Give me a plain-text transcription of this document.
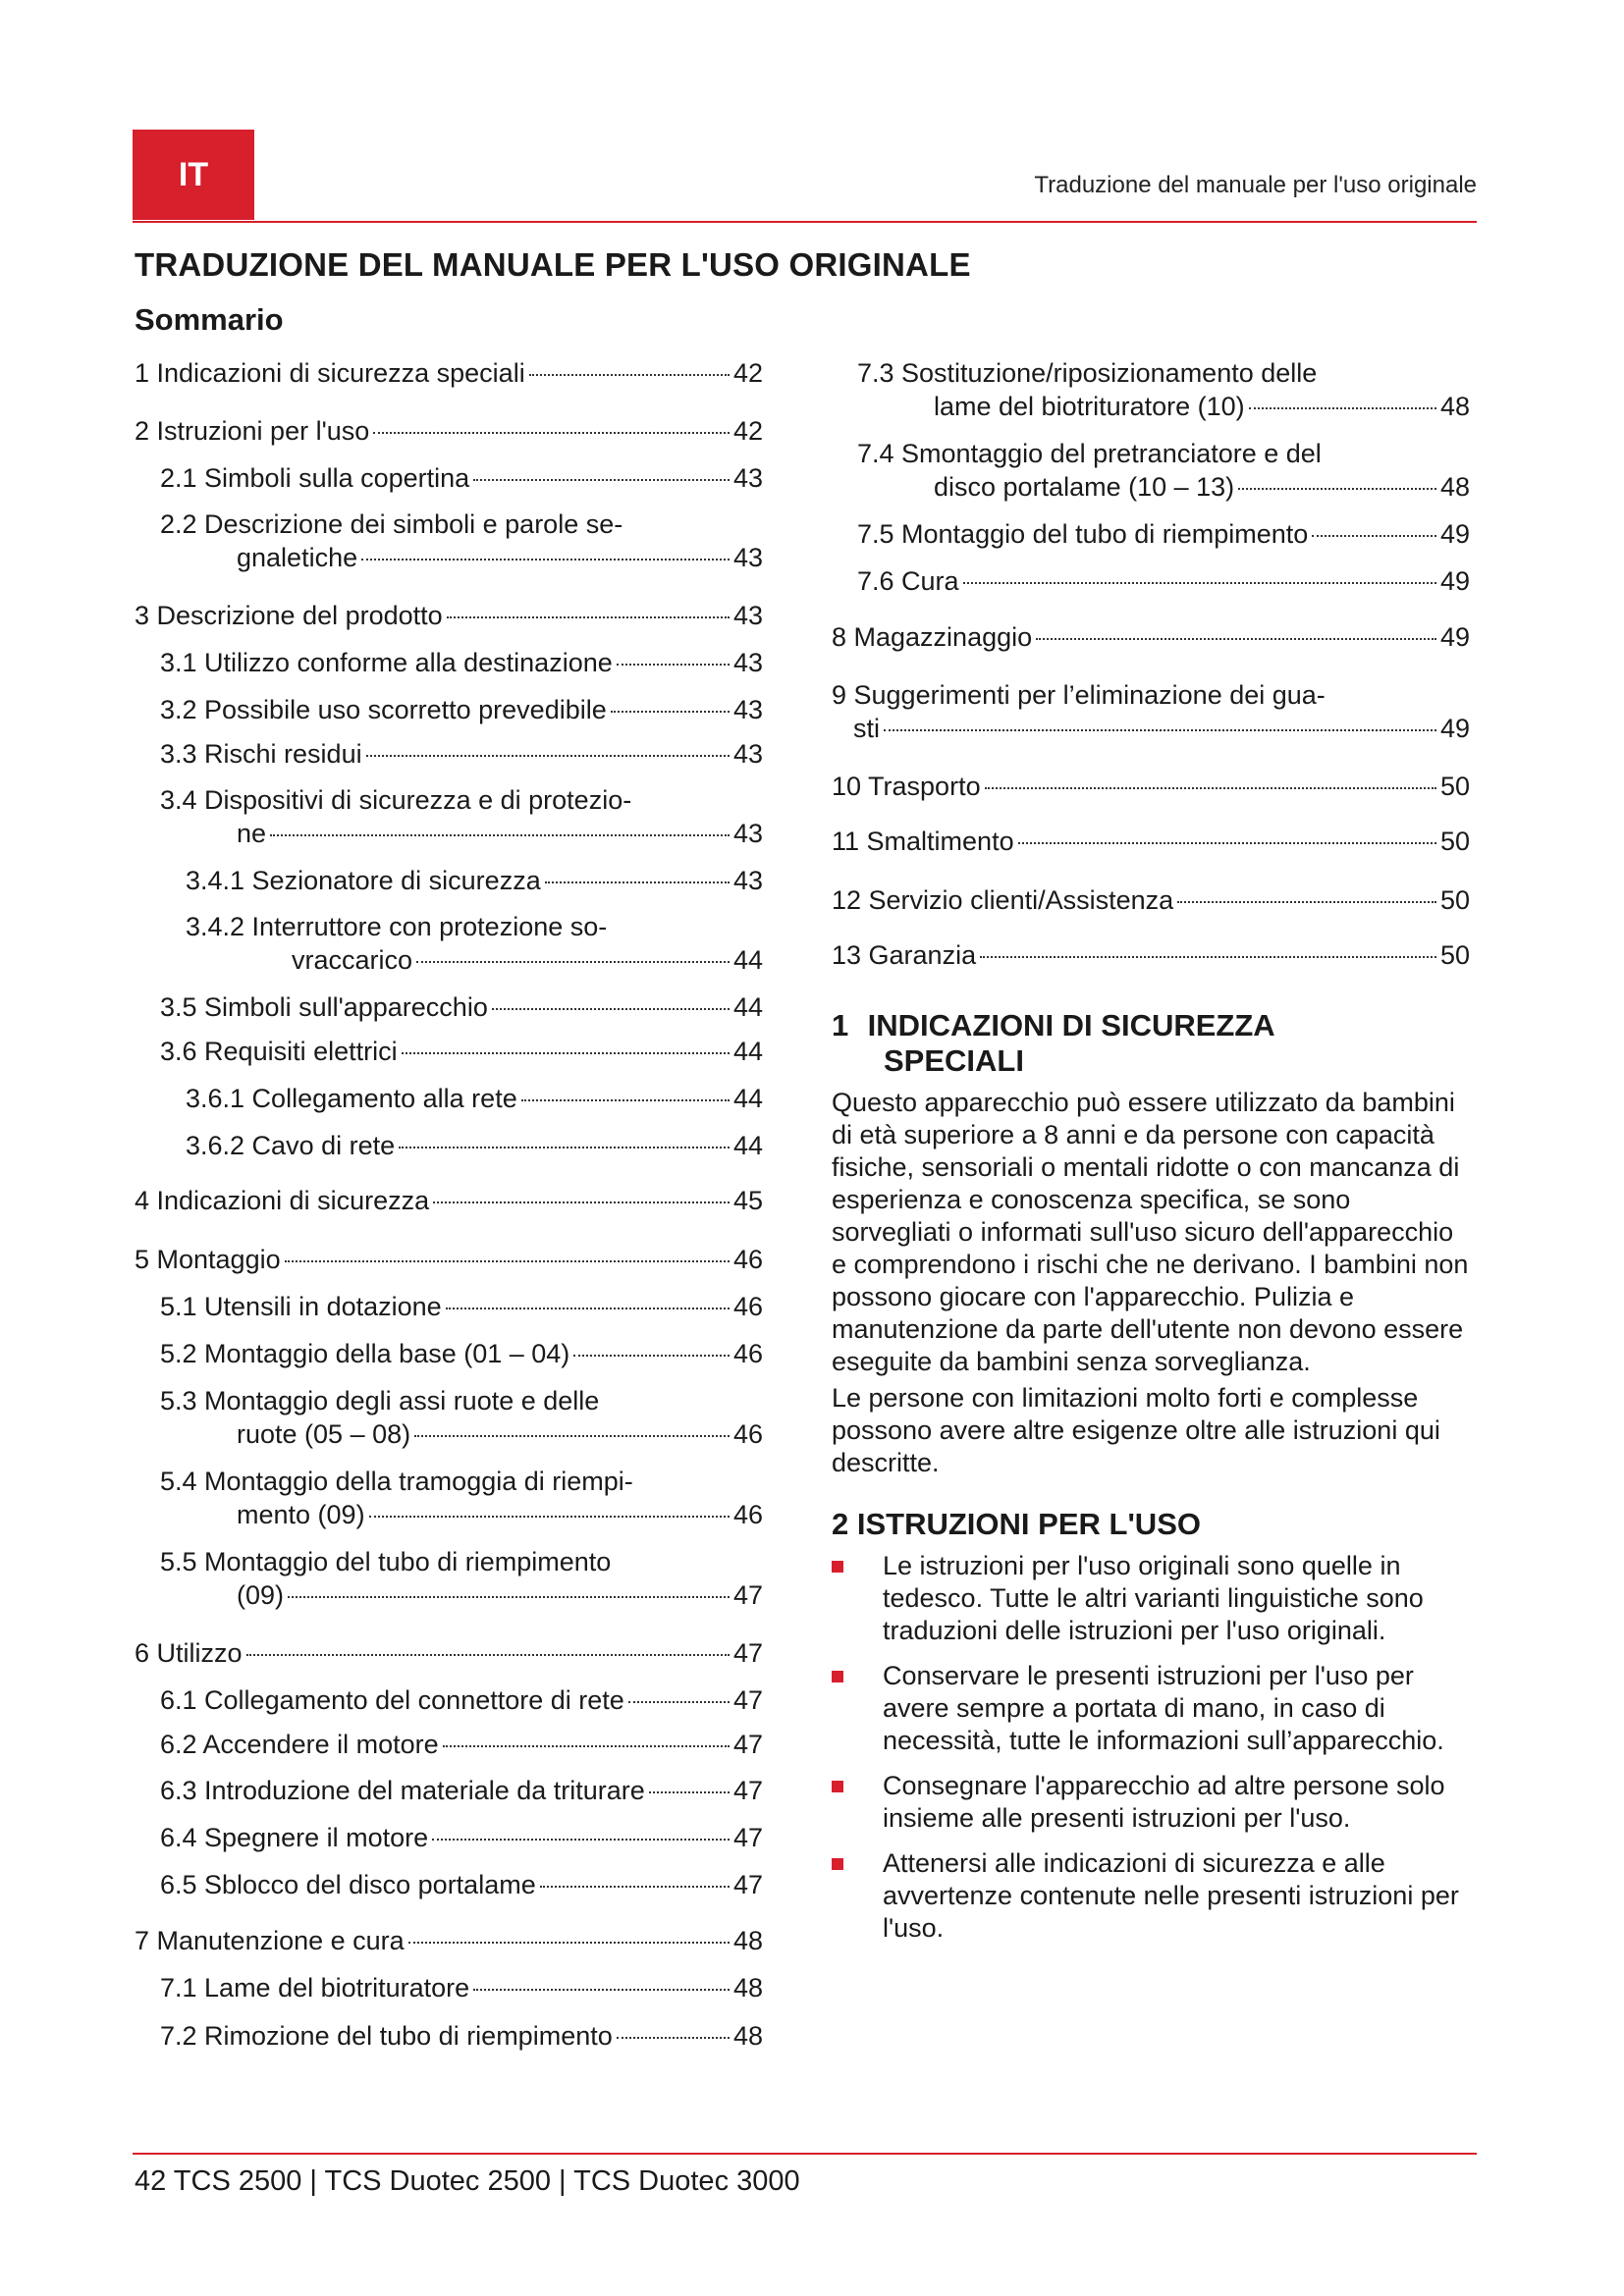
IT	Traduzione del manuale per l'uso originale
TRADUZIONE DEL MANUALE PER L'USO ORIGINALE
Sommario
1 Indicazioni di sicurezza speciali	42
2 Istruzioni per l'uso	42
2.1 Simboli sulla copertina	43
2.2 Descrizione dei simboli e parole se-
gnaletiche	43
3 Descrizione del prodotto	43
3.1 Utilizzo conforme alla destinazione	43
3.2 Possibile uso scorretto prevedibile	43
3.3 Rischi residui	43
3.4 Dispositivi di sicurezza e di protezio-
ne	43
3.4.1 Sezionatore di sicurezza	43
3.4.2 Interruttore con protezione so-
vraccarico	44
3.5 Simboli sull'apparecchio	44
3.6 Requisiti elettrici	44
3.6.1 Collegamento alla rete	44
3.6.2 Cavo di rete	44
4 Indicazioni di sicurezza	45
5 Montaggio	46
5.1 Utensili in dotazione	46
5.2 Montaggio della base (01 – 04)	46
5.3 Montaggio degli assi ruote e delle
ruote (05 – 08)	46
5.4 Montaggio della tramoggia di riempi-
mento (09)	46
5.5 Montaggio del tubo di riempimento
(09)	47
6 Utilizzo	47
6.1 Collegamento del connettore di rete	47
6.2 Accendere il motore	47
6.3 Introduzione del materiale da triturare	47
6.4 Spegnere il motore	47
6.5 Sblocco del disco portalame	47
7 Manutenzione e cura	48
7.1 Lame del biotrituratore	48
7.2 Rimozione del tubo di riempimento	48
7.3 Sostituzione/riposizionamento delle
lame del biotrituratore (10)	48
7.4 Smontaggio del pretranciatore e del
disco portalame (10 – 13)	48
7.5 Montaggio del tubo di riempimento	49
7.6 Cura	49
8 Magazzinaggio	49
9 Suggerimenti per l’eliminazione dei gua-
sti	49
10 Trasporto	50
11 Smaltimento	50
12 Servizio clienti/Assistenza	50
13 Garanzia	50
1 INDICAZIONI DI SICUREZZA
SPECIALI

Questo apparecchio può essere utilizzato da bambini di età superiore a 8 anni e da persone con capacità fisiche, sensoriali o mentali ridotte o con mancanza di esperienza e conoscenza specifica, se sono sorvegliati o informati sull'uso sicuro dell'apparecchio e comprendono i rischi che ne derivano. I bambini non possono giocare con l'apparecchio. Pulizia e manutenzione da parte dell'utente non devono essere eseguite da bambini senza sorveglianza.

Le persone con limitazioni molto forti e complesse possono avere altre esigenze oltre alle istruzioni qui descritte.

2 ISTRUZIONI PER L'USO
Le istruzioni per l'uso originali sono quelle in tedesco. Tutte le altri varianti linguistiche sono traduzioni delle istruzioni per l'uso originali.
Conservare le presenti istruzioni per l'uso per avere sempre a portata di mano, in caso di necessità, tutte le informazioni sull’apparecchio.
Consegnare l'apparecchio ad altre persone solo insieme alle presenti istruzioni per l'uso.
Attenersi alle indicazioni di sicurezza e alle avvertenze contenute nelle presenti istruzioni per l'uso.
42 TCS 2500 | TCS Duotec 2500 | TCS Duotec 3000
